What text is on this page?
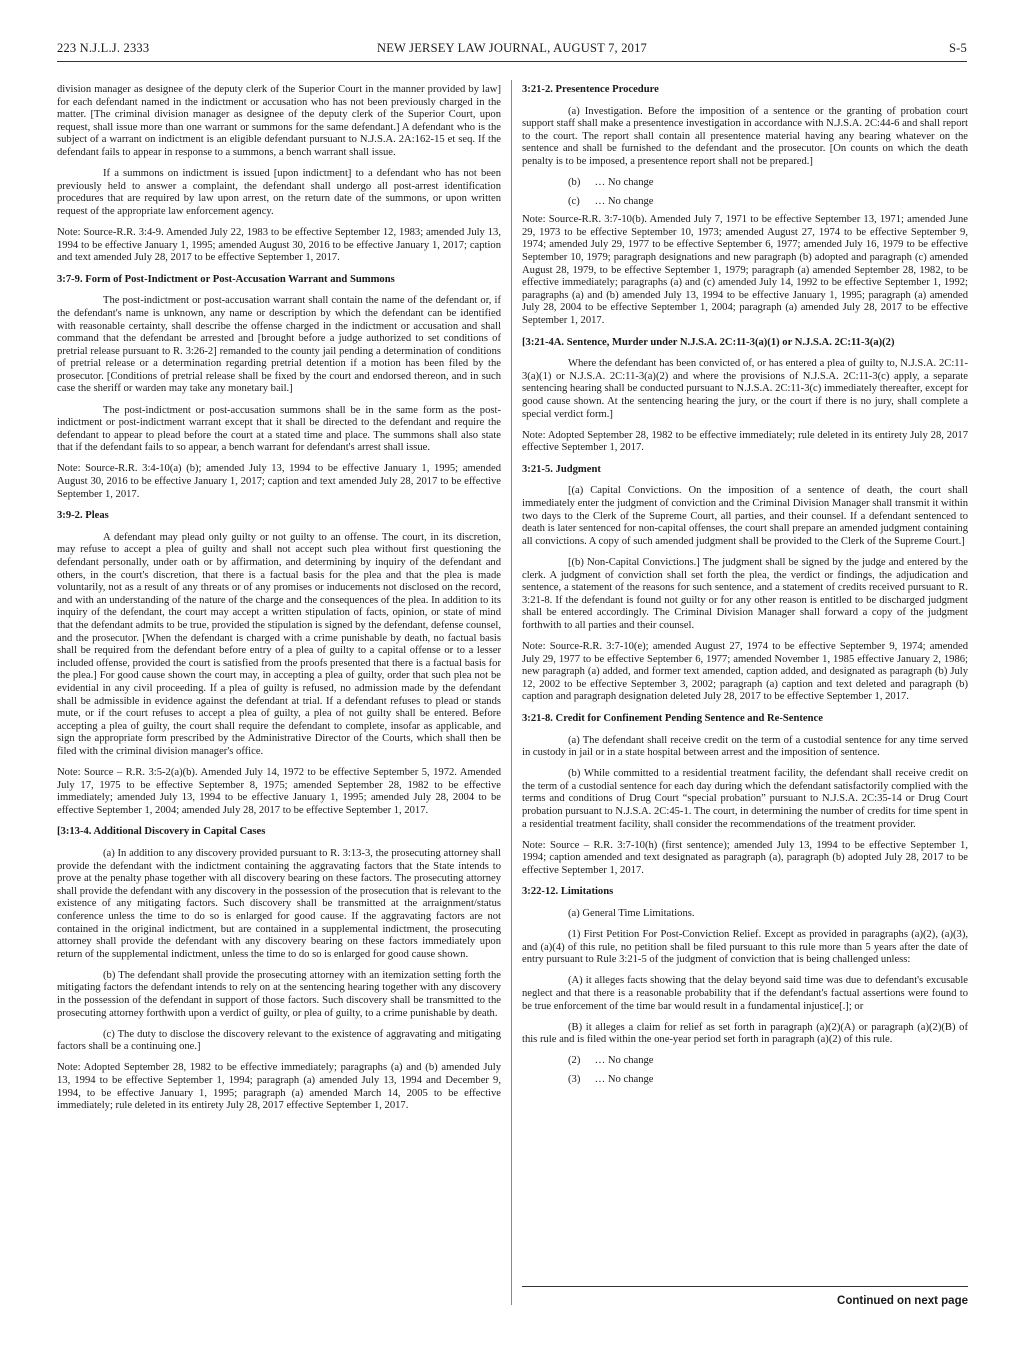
223 N.J.L.J. 2333	NEW JERSEY LAW JOURNAL, AUGUST 7, 2017	S-5

division manager as designee of the deputy clerk of the Superior Court in the manner provided by law] for each defendant named in the indictment or accusation who has not been previously charged in the matter. [The criminal division manager as designee of the deputy clerk of the Superior Court, upon request, shall issue more than one warrant or summons for the same defendant.] A defendant who is the subject of a warrant on indictment is an eligible defendant pursuant to N.J.S.A. 2A:162-15 et seq. If the defendant fails to appear in response to a summons, a bench warrant shall issue.

If a summons on indictment is issued [upon indictment] to a defendant who has not been previously held to answer a complaint, the defendant shall undergo all post-arrest identification procedures that are required by law upon arrest, on the return date of the summons, or upon written request of the appropriate law enforcement agency.

Note: Source-R.R. 3:4-9. Amended July 22, 1983 to be effective September 12, 1983; amended July 13, 1994 to be effective January 1, 1995; amended August 30, 2016 to be effective January 1, 2017; caption and text amended July 28, 2017 to be effective September 1, 2017.

3:7-9. Form of Post-Indictment or Post-Accusation Warrant and Summons

The post-indictment or post-accusation warrant shall contain the name of the defendant or, if the defendant's name is unknown, any name or description by which the defendant can be identified with reasonable certainty, shall describe the offense charged in the indictment or accusation and shall command that the defendant be arrested and [brought before a judge authorized to set conditions of pretrial release pursuant to R. 3:26-2] remanded to the county jail pending a determination of conditions of pretrial release or a determination regarding pretrial detention if a motion has been filed by the prosecutor. [Conditions of pretrial release shall be fixed by the court and endorsed thereon, and in such case the sheriff or warden may take any monetary bail.]

The post-indictment or post-accusation summons shall be in the same form as the post-indictment or post-indictment warrant except that it shall be directed to the defendant and require the defendant to appear to plead before the court at a stated time and place. The summons shall also state that if the defendant fails to so appear, a bench warrant for defendant's arrest shall issue.

Note: Source-R.R. 3:4-10(a) (b); amended July 13, 1994 to be effective January 1, 1995; amended August 30, 2016 to be effective January 1, 2017; caption and text amended July 28, 2017 to be effective September 1, 2017.

3:9-2. Pleas

A defendant may plead only guilty or not guilty to an offense. The court, in its discretion, may refuse to accept a plea of guilty and shall not accept such plea without first questioning the defendant personally, under oath or by affirmation, and determining by inquiry of the defendant and others, in the court's discretion, that there is a factual basis for the plea and that the plea is made voluntarily, not as a result of any threats or of any promises or inducements not disclosed on the record, and with an understanding of the nature of the charge and the consequences of the plea. In addition to its inquiry of the defendant, the court may accept a written stipulation of facts, opinion, or state of mind that the defendant admits to be true, provided the stipulation is signed by the defendant, defense counsel, and the prosecutor. [When the defendant is charged with a crime punishable by death, no factual basis shall be required from the defendant before entry of a plea of guilty to a capital offense or to a lesser included offense, provided the court is satisfied from the proofs presented that there is a factual basis for the plea.] For good cause shown the court may, in accepting a plea of guilty, order that such plea not be evidential in any civil proceeding. If a plea of guilty is refused, no admission made by the defendant shall be admissible in evidence against the defendant at trial. If a defendant refuses to plead or stands mute, or if the court refuses to accept a plea of guilty, a plea of not guilty shall be entered. Before accepting a plea of guilty, the court shall require the defendant to complete, insofar as applicable, and sign the appropriate form prescribed by the Administrative Director of the Courts, which shall then be filed with the criminal division manager's office.

Note: Source – R.R. 3:5-2(a)(b). Amended July 14, 1972 to be effective September 5, 1972. Amended July 17, 1975 to be effective September 8, 1975; amended September 28, 1982 to be effective immediately; amended July 13, 1994 to be effective January 1, 1995; amended July 28, 2004 to be effective September 1, 2004; amended July 28, 2017 to be effective September 1, 2017.

[3:13-4. Additional Discovery in Capital Cases

(a) In addition to any discovery provided pursuant to R. 3:13-3, the prosecuting attorney shall provide the defendant with the indictment containing the aggravating factors that the State intends to prove at the penalty phase together with all discovery bearing on these factors. The prosecuting attorney shall provide the defendant with any discovery in the possession of the prosecution that is relevant to the existence of any mitigating factors. Such discovery shall be transmitted at the arraignment/status conference unless the time to do so is enlarged for good cause. If the aggravating factors are not contained in the original indictment, but are contained in a supplemental indictment, the prosecuting attorney shall provide the defendant with any discovery bearing on these factors immediately upon return of the supplemental indictment, unless the time to do so is enlarged for good cause shown.

(b) The defendant shall provide the prosecuting attorney with an itemization setting forth the mitigating factors the defendant intends to rely on at the sentencing hearing together with any discovery in the possession of the defendant in support of those factors. Such discovery shall be transmitted to the prosecuting attorney forthwith upon a verdict of guilty, or plea of guilty, to a crime punishable by death.

(c) The duty to disclose the discovery relevant to the existence of aggravating and mitigating factors shall be a continuing one.]

Note: Adopted September 28, 1982 to be effective immediately; paragraphs (a) and (b) amended July 13, 1994 to be effective September 1, 1994; paragraph (a) amended July 13, 1994 and December 9, 1994, to be effective January 1, 1995; paragraph (a) amended March 14, 2005 to be effective immediately; rule deleted in its entirety July 28, 2017 effective September 1, 2017.

3:21-2. Presentence Procedure

(a) Investigation. Before the imposition of a sentence or the granting of probation court support staff shall make a presentence investigation in accordance with N.J.S.A. 2C:44-6 and shall report to the court. The report shall contain all presentence material having any bearing whatever on the sentence and shall be furnished to the defendant and the prosecutor. [On counts on which the death penalty is to be imposed, a presentence report shall not be prepared.]

(b) … No change

(c) … No change

Note: Source-R.R. 3:7-10(b). Amended July 7, 1971 to be effective September 13, 1971; amended June 29, 1973 to be effective September 10, 1973; amended August 27, 1974 to be effective September 9, 1974; amended July 29, 1977 to be effective September 6, 1977; amended July 16, 1979 to be effective September 10, 1979; paragraph designations and new paragraph (b) adopted and paragraph (c) amended August 28, 1979, to be effective September 1, 1979; paragraph (a) amended September 28, 1982, to be effective immediately; paragraphs (a) and (c) amended July 14, 1992 to be effective September 1, 1992; paragraphs (a) and (b) amended July 13, 1994 to be effective January 1, 1995; paragraph (a) amended July 28, 2004 to be effective September 1, 2004; paragraph (a) amended July 28, 2017 to be effective September 1, 2017.

[3:21-4A. Sentence, Murder under N.J.S.A. 2C:11-3(a)(1) or N.J.S.A. 2C:11-3(a)(2)

Where the defendant has been convicted of, or has entered a plea of guilty to, N.J.S.A. 2C:11-3(a)(1) or N.J.S.A. 2C:11-3(a)(2) and where the provisions of N.J.S.A. 2C:11-3(c) apply, a separate sentencing hearing shall be conducted pursuant to N.J.S.A. 2C:11-3(c) immediately thereafter, except for good cause shown. At the sentencing hearing the jury, or the court if there is no jury, shall complete a special verdict form.]

Note: Adopted September 28, 1982 to be effective immediately; rule deleted in its entirety July 28, 2017 effective September 1, 2017.

3:21-5. Judgment

[(a) Capital Convictions. On the imposition of a sentence of death, the court shall immediately enter the judgment of conviction and the Criminal Division Manager shall transmit it within two days to the Clerk of the Supreme Court, all parties, and their counsel. If a defendant sentenced to death is later sentenced for non-capital offenses, the court shall prepare an amended judgment containing all convictions. A copy of such amended judgment shall be provided to the Clerk of the Supreme Court.]

[(b) Non-Capital Convictions.] The judgment shall be signed by the judge and entered by the clerk. A judgment of conviction shall set forth the plea, the verdict or findings, the adjudication and sentence, a statement of the reasons for such sentence, and a statement of credits received pursuant to R. 3:21-8. If the defendant is found not guilty or for any other reason is entitled to be discharged judgment shall be entered accordingly. The Criminal Division Manager shall forward a copy of the judgment forthwith to all parties and their counsel.

Note: Source-R.R. 3:7-10(e); amended August 27, 1974 to be effective September 9, 1974; amended July 29, 1977 to be effective September 6, 1977; amended November 1, 1985 effective January 2, 1986; new paragraph (a) added, and former text amended, caption added, and designated as paragraph (b) July 12, 2002 to be effective September 3, 2002; paragraph (a) caption and text deleted and paragraph (b) caption and paragraph designation deleted July 28, 2017 to be effective September 1, 2017.

3:21-8. Credit for Confinement Pending Sentence and Re-Sentence

(a) The defendant shall receive credit on the term of a custodial sentence for any time served in custody in jail or in a state hospital between arrest and the imposition of sentence.

(b) While committed to a residential treatment facility, the defendant shall receive credit on the term of a custodial sentence for each day during which the defendant satisfactorily complied with the terms and conditions of Drug Court “special probation” pursuant to N.J.S.A. 2C:35-14 or Drug Court probation pursuant to N.J.S.A. 2C:45-1. The court, in determining the number of credits for time spent in a residential treatment facility, shall consider the recommendations of the treatment provider.

Note: Source – R.R. 3:7-10(h) (first sentence); amended July 13, 1994 to be effective September 1, 1994; caption amended and text designated as paragraph (a), paragraph (b) adopted July 28, 2017 to be effective September 1, 2017.

3:22-12. Limitations

(a) General Time Limitations.

(1) First Petition For Post-Conviction Relief. Except as provided in paragraphs (a)(2), (a)(3), and (a)(4) of this rule, no petition shall be filed pursuant to this rule more than 5 years after the date of entry pursuant to Rule 3:21-5 of the judgment of conviction that is being challenged unless:

(A) it alleges facts showing that the delay beyond said time was due to defendant's excusable neglect and that there is a reasonable probability that if the defendant's factual assertions were found to be true enforcement of the time bar would result in a fundamental injustice[.]; or

(B) it alleges a claim for relief as set forth in paragraph (a)(2)(A) or paragraph (a)(2)(B) of this rule and is filed within the one-year period set forth in paragraph (a)(2) of this rule.

(2) … No change

(3) … No change

Continued on next page
